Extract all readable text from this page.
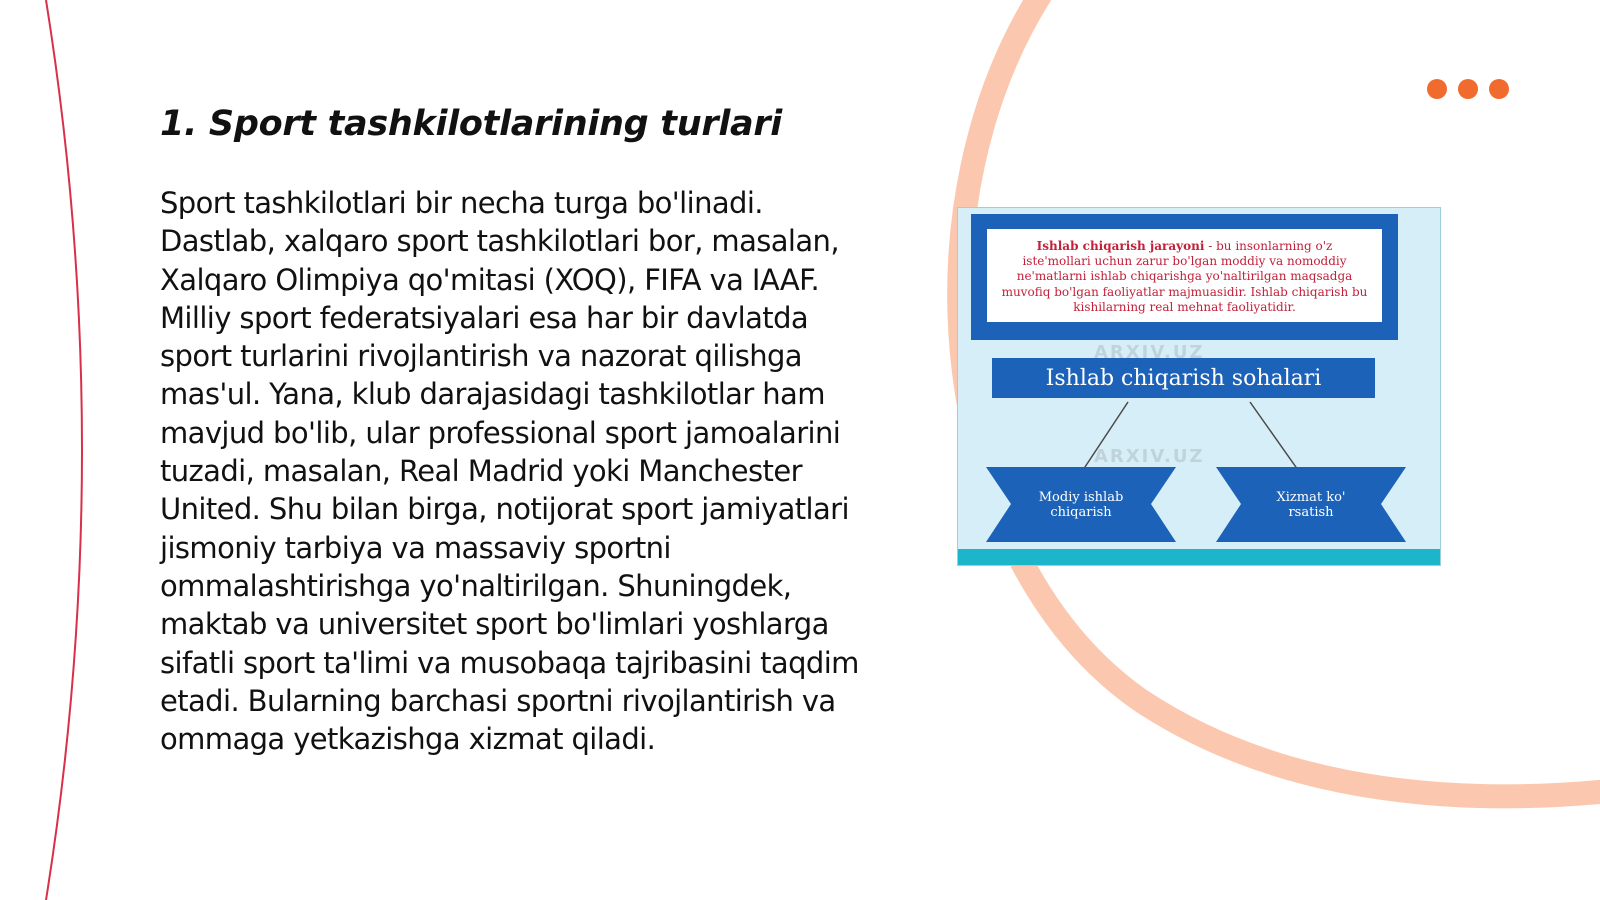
1. Sport tashkilotlarining turlari

Sport tashkilotlari bir necha turga bo'linadi. Dastlab, xalqaro sport tashkilotlari bor, masalan, Xalqaro Olimpiya qo'mitasi (XOQ), FIFA va IAAF. Milliy sport federatsiyalari esa har bir davlatda sport turlarini rivojlantirish va nazorat qilishga mas'ul. Yana, klub darajasidagi tashkilotlar ham mavjud bo'lib, ular professional sport jamoalarini tuzadi, masalan, Real Madrid yoki Manchester United. Shu bilan birga, notijorat sport jamiyatlari jismoniy tarbiya va massaviy sportni ommalashtirishga yo'naltirilgan. Shuningdek, maktab va universitet sport bo'limlari yoshlarga sifatli sport ta'limi va musobaqa tajribasini taqdim etadi. Bularning barchasi sportni rivojlantirish va ommaga yetkazishga xizmat qiladi.

Ishlab chiqarish jarayoni - bu insonlarning o'z iste'mollari uchun zarur bo'lgan moddiy va nomoddiy ne'matlarni ishlab chiqarishga yo'naltirilgan maqsadga muvofiq bo'lgan faoliyatlar majmuasidir. Ishlab chiqarish bu kishilarning real mehnat faoliyatidir.
Ishlab chiqarish sohalari
Modiy ishlab chiqarish
Xizmat ko' rsatish
ARXIV.UZ
ARXIV.UZ
